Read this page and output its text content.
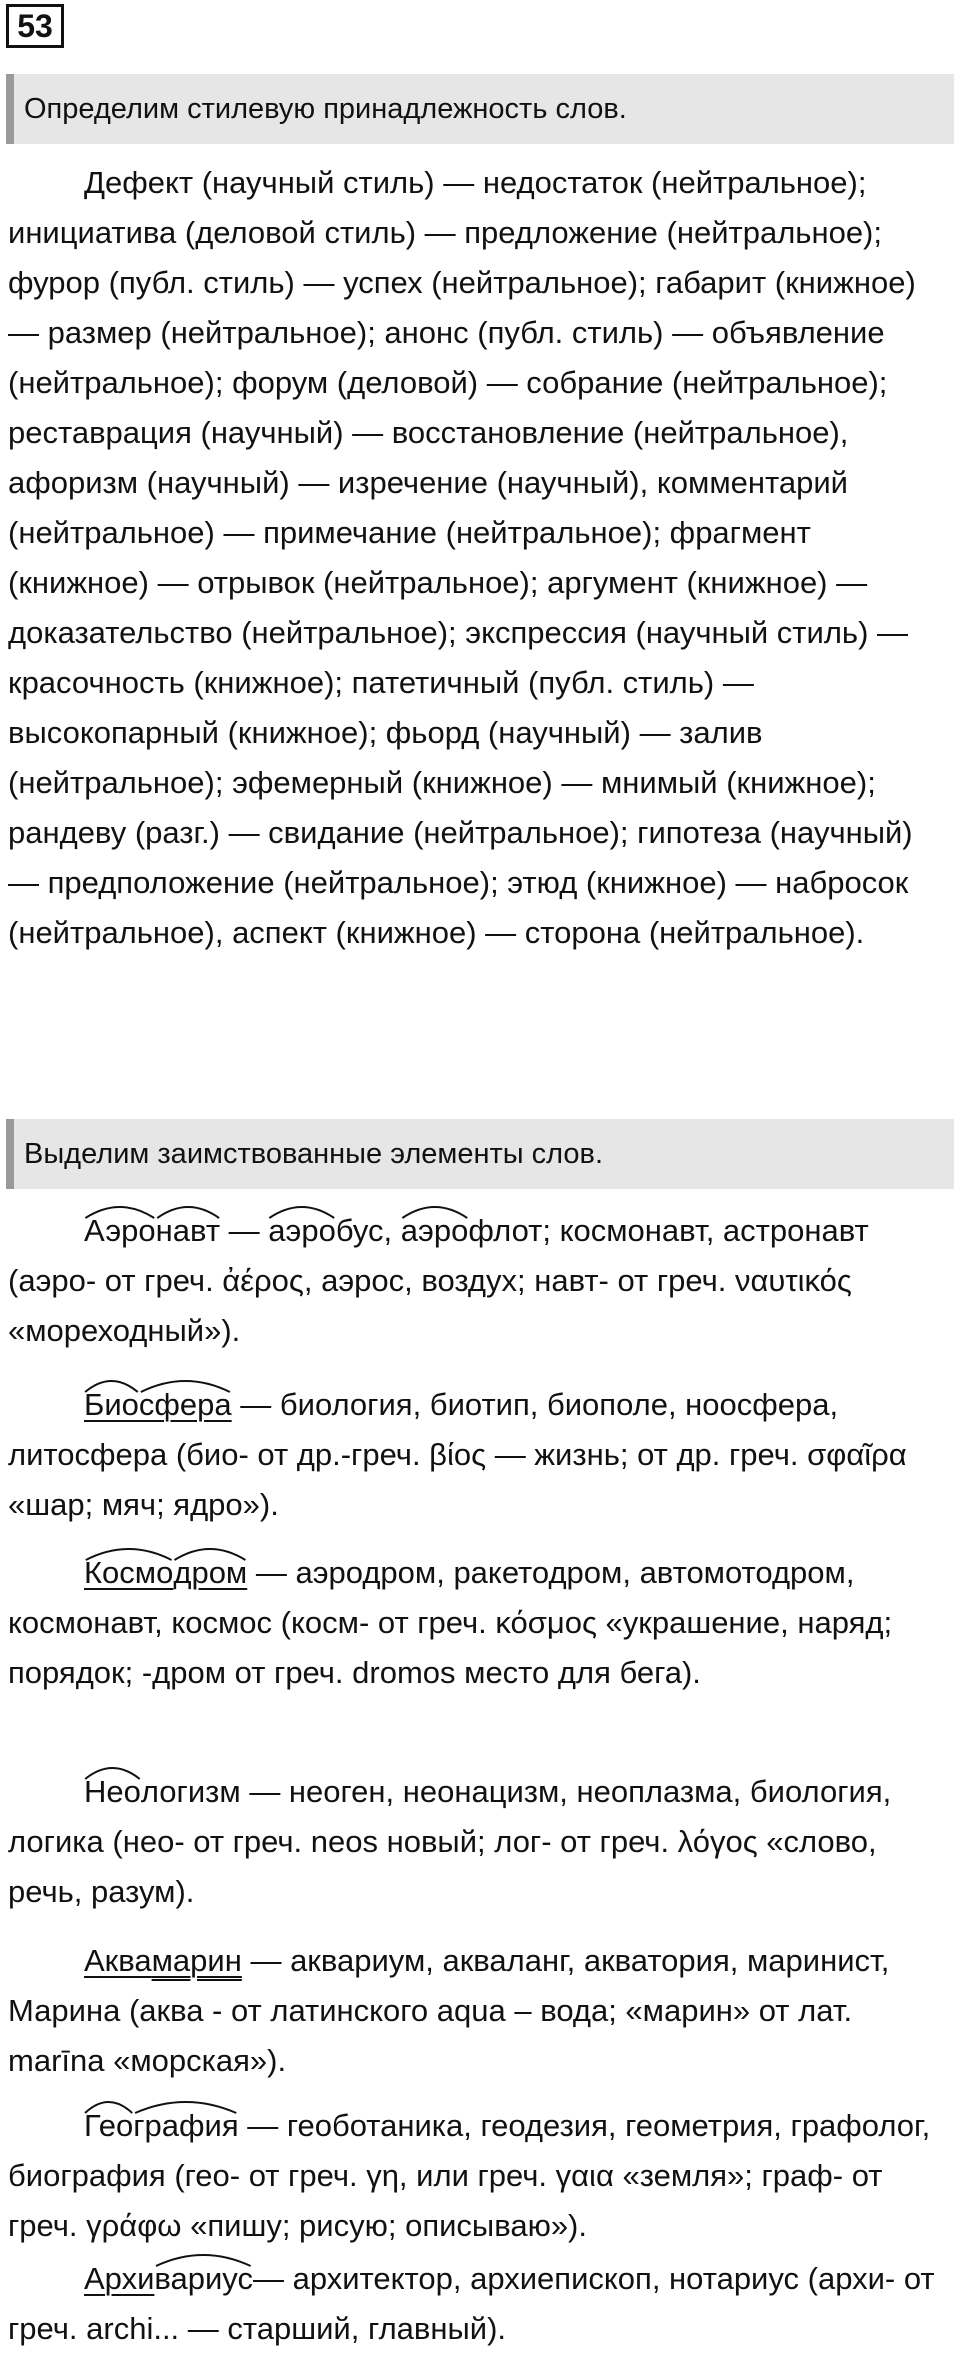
53
Определим стилевую принадлежность слов.

Дефект (научный стиль) — недостаток (нейтральное); инициатива (деловой стиль) — предложение (нейтральное); фурор (публ. стиль) — успех (нейтральное); габарит (книжное) — размер (нейтральное); анонс (публ. стиль) — объявление (нейтральное); форум (деловой) — собрание (нейтральное); реставрация (научный) — восстановление (нейтральное), афоризм (научный) — изречение (научный), комментарий (нейтральное) — примечание (нейтральное); фрагмент (книжное) — отрывок (нейтральное); аргумент (книжное) — доказательство (нейтральное); экспрессия (научный стиль) — красочность (книжное); патетичный (публ. стиль) — высокопарный (книжное); фьорд (научный) — залив (нейтральное); эфемерный (книжное) — мнимый (книжное); рандеву (разг.) — свидание (нейтральное); гипотеза (научный) — предположение (нейтральное); этюд (книжное) — набросок (нейтральное), аспект (книжное) — сторона (нейтральное).

Выделим заимствованные элементы слов.

Аэро
навт —
аэробус,
аэрофлот; космонавт, астронавт (аэро- от греч. ἀέρος, аэрос, воздух; навт- от греч. ναυτικός «мореходный»).

Био
сфера — биология, биотип, биополе, ноосфера, литосфера (био- от др.-греч. βίος — жизнь; от др. греч. σφαῖρα «шар; мяч; ядро»).

Космо
дром — аэродром, ракетодром, автомотодром, космонавт, космос (косм- от греч. κόσμος «украшение, наряд; порядок; -дром от греч. dromos место для бега).

Неологизм — неоген, неонацизм, неоплазма, биология, логика (нео- от греч. neos новый; лог- от греч. λόγος «слово, речь, разум).

Аквамарин — аквариум, акваланг, акватория, маринист, Марина (аква - от латинского aqua – вода; «марин» от лат. marīna «морская»).

Гео
графия — геоботаника, геодезия, геометрия, графолог, биография (гео- от греч. γη, или греч. γαια «земля»; граф- от греч. γράφω «пишу; рисую; описываю»).

Архи
вариус— архитектор, архиепископ, нотариус (архи- от греч. archi... — старший, главный).
